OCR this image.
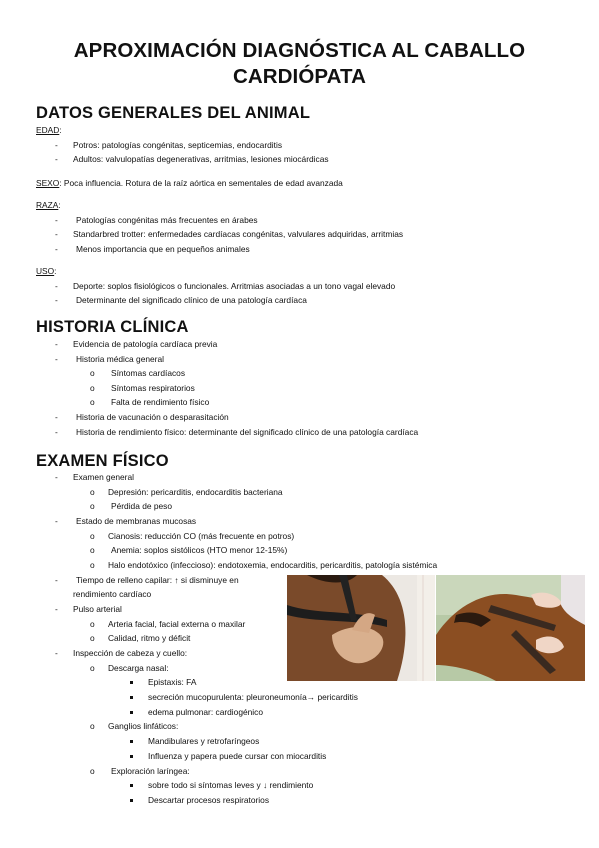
APROXIMACIÓN DIAGNÓSTICA AL CABALLO
CARDIÓPATA
DATOS GENERALES DEL ANIMAL
EDAD:
- Potros: patologías congénitas, septicemias, endocarditis
- Adultos: valvulopatías degenerativas, arritmias, lesiones miocárdicas
SEXO: Poca influencia. Rotura de la raíz aórtica en sementales de edad avanzada
RAZA:
- Patologías congénitas más frecuentes en árabes
- Standarbred trotter: enfermedades cardíacas congénitas, valvulares adquiridas, arritmias
- Menos importancia que en pequeños animales
USO:
- Deporte: soplos fisiológicos o funcionales. Arritmias asociadas a un tono vagal elevado
- Determinante del significado clínico de una patología cardíaca
HISTORIA CLÍNICA
- Evidencia de patología cardíaca previa
- Historia médica general
o Síntomas cardíacos
o Síntomas respiratorios
o Falta de rendimiento físico
- Historia de vacunación o desparasitación
- Historia de rendimiento físico: determinante del significado clínico de una patología cardíaca
EXAMEN FÍSICO
- Examen general
o Depresión: pericarditis, endocarditis bacteriana
o Pérdida de peso
- Estado de membranas mucosas
o Cianosis: reducción CO (más frecuente en potros)
o Anemia: soplos sistólicos (HTO menor 12-15%)
o Halo endotóxico (infeccioso): endotoxemia, endocarditis, pericarditis, patología sistémica
- Tiempo de relleno capilar: ↑ si disminuye en
rendimiento cardíaco
- Pulso arterial
o Arteria facial, facial externa o maxilar
o Calidad, ritmo y déficit
- Inspección de cabeza y cuello:
o Descarga nasal:
Epistaxis: FA
secreción mucopurulenta: pleuroneumonía→ pericarditis
edema pulmonar: cardiogénico
o Ganglios linfáticos:
Mandibulares y retrofaríngeos
Influenza y papera puede cursar con miocarditis
o Exploración laríngea:
sobre todo si síntomas leves y ↓ rendimiento
Descartar procesos respiratorios
